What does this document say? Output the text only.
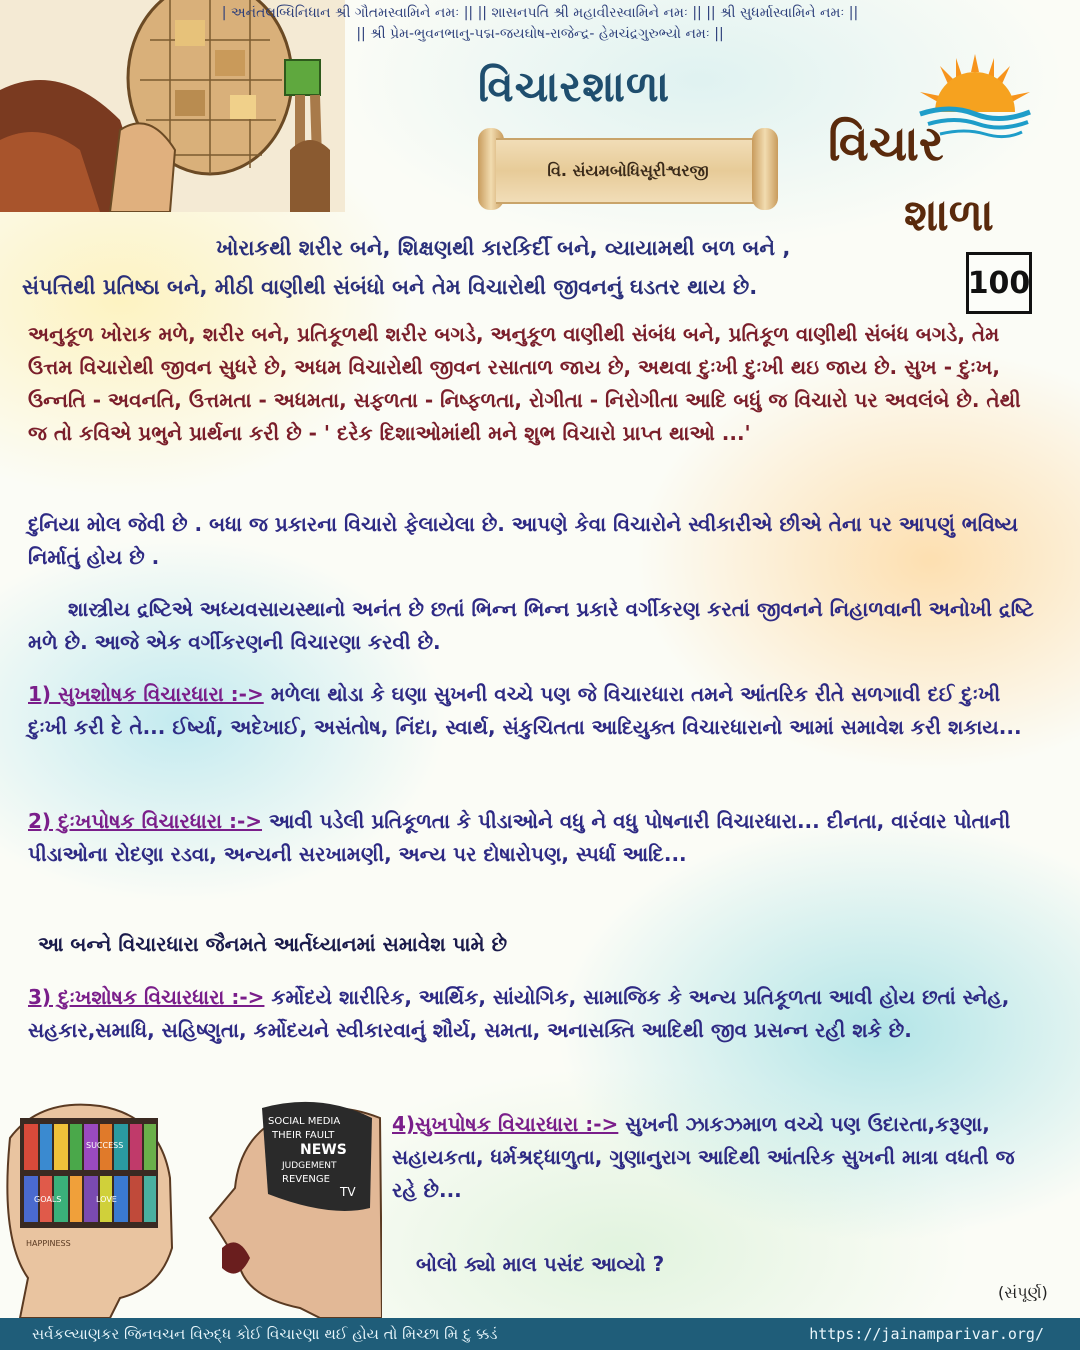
| અનંતલબ્ધિનિધાન શ્રી ગૌતમસ્વામિને નમઃ || || શાસનપતિ શ્રી મહાવીરસ્વામિને નમઃ || || શ્રી સુધર્માસ્વામિને નમઃ ||
|| શ્રી પ્રેમ-ભુવનભાનુ-પદ્મ-જયઘોષ-રાજેન્દ્ર- હેમચંદ્રગુરુભ્યો નમઃ ||
વિચારશાળા
વિ. સંયમબોધિસૂરીશ્વરજી	વિચાર
શાળા
100
ખોરાકથી શરીર બને, શિક્ષણથી કારકિર્દી બને, વ્યાયામથી બળ બને ,
સંપત્તિથી પ્રતિષ્ઠા બને, મીઠી વાણીથી સંબંધો બને તેમ વિચારોથી જીવનનું ઘડતર થાય છે.
અનુકૂળ ખોરાક મળે, શરીર બને, પ્રતિકૂળથી શરીર બગડે, અનુકૂળ વાણીથી સંબંધ બને, પ્રતિકૂળ વાણીથી સંબંધ બગડે, તેમ ઉત્તમ વિચારોથી જીવન સુધરે છે, અધમ વિચારોથી જીવન રસાતાળ જાય છે, અથવા દુઃખી દુઃખી થઇ જાય છે. સુખ - દુઃખ, ઉન્નતિ - અવનતિ, ઉત્તમતા - અધમતા, સફળતા - નિષ્ફળતા, રોગીતા - નિરોગીતા આદિ બધું જ વિચારો પર અવલંબે છે. તેથી જ તો કવિએ પ્રભુને પ્રાર્થના કરી છે - ' દરેક દિશાઓમાંથી મને શુભ વિચારો પ્રાપ્ત થાઓ ...'
દુનિયા મોલ જેવી છે . બધા જ પ્રકારના વિચારો ફેલાયેલા છે. આપણે કેવા વિચારોને સ્વીકારીએ છીએ તેના પર આપણું ભવિષ્ય નિર્માતું હોય છે .
શાસ્ત્રીય દ્રષ્ટિએ અધ્યવસાયસ્થાનો અનંત છે છતાં ભિન્ન ભિન્ન પ્રકારે વર્ગીકરણ કરતાં જીવનને નિહાળવાની અનોખી દ્રષ્ટિ મળે છે. આજે એક વર્ગીકરણની વિચારણા કરવી છે.
1) સુખશોષક વિચારધારા :-> મળેલા થોડા કે ઘણા સુખની વચ્ચે પણ જે વિચારધારા તમને આંતરિક રીતે સળગાવી દઈ દુઃખી દુઃખી કરી દે તે... ઈર્ષ્યા, અદેખાઈ, અસંતોષ, નિંદા, સ્વાર્થ, સંકુચિતતા આદિયુક્ત વિચારધારાનો આમાં સમાવેશ કરી શકાય...
2) દુઃખપોષક વિચારધારા :-> આવી પડેલી પ્રતિકૂળતા કે પીડાઓને વધુ ને વધુ પોષનારી વિચારધારા... દીનતા, વારંવાર પોતાની પીડાઓના રોદણા રડવા, અન્યની સરખામણી, અન્ય પર દોષારોપણ, સ્પર્ધા આદિ...
આ બન્ને વિચારધારા જૈનમતે આર્તધ્યાનમાં સમાવેશ પામે છે
3) દુઃખશોષક વિચારધારા :-> કર્મોદયે શારીરિક, આર્થિક, સાંયોગિક, સામાજિક કે અન્ય પ્રતિકૂળતા આવી હોય છતાં સ્નેહ, સહકાર,સમાધિ, સહિષ્ણુતા, કર્મોદયને સ્વીકારવાનું શૌર્ય, સમતા, અનાસક્તિ આદિથી જીવ પ્રસન્ન રહી શકે છે.
SUCCESS
GOALS	LOVE
HAPPINESS
SOCIAL MEDIA
THEIR FAULT
NEWS
JUDGEMENT
REVENGE
TV
4)સુખપોષક વિચારધારા :-> સુખની ઝાકઝમાળ વચ્ચે પણ ઉદારતા,કરૂણા, સહાયકતા, ધર્મશ્રદ્ધાળુતા, ગુણાનુરાગ આદિથી આંતરિક સુખની માત્રા વધતી જ રહે છે...
બોલો ક્યો માલ પસંદ આવ્યો ?
(સંપૂર્ણ)
સર્વકલ્યાણકર જિનવચન વિરુદ્ધ કોઈ વિચારણા થઈ હોય તો મિચ્છા મિ દુ ક્કડં	https://jainamparivar.org/
